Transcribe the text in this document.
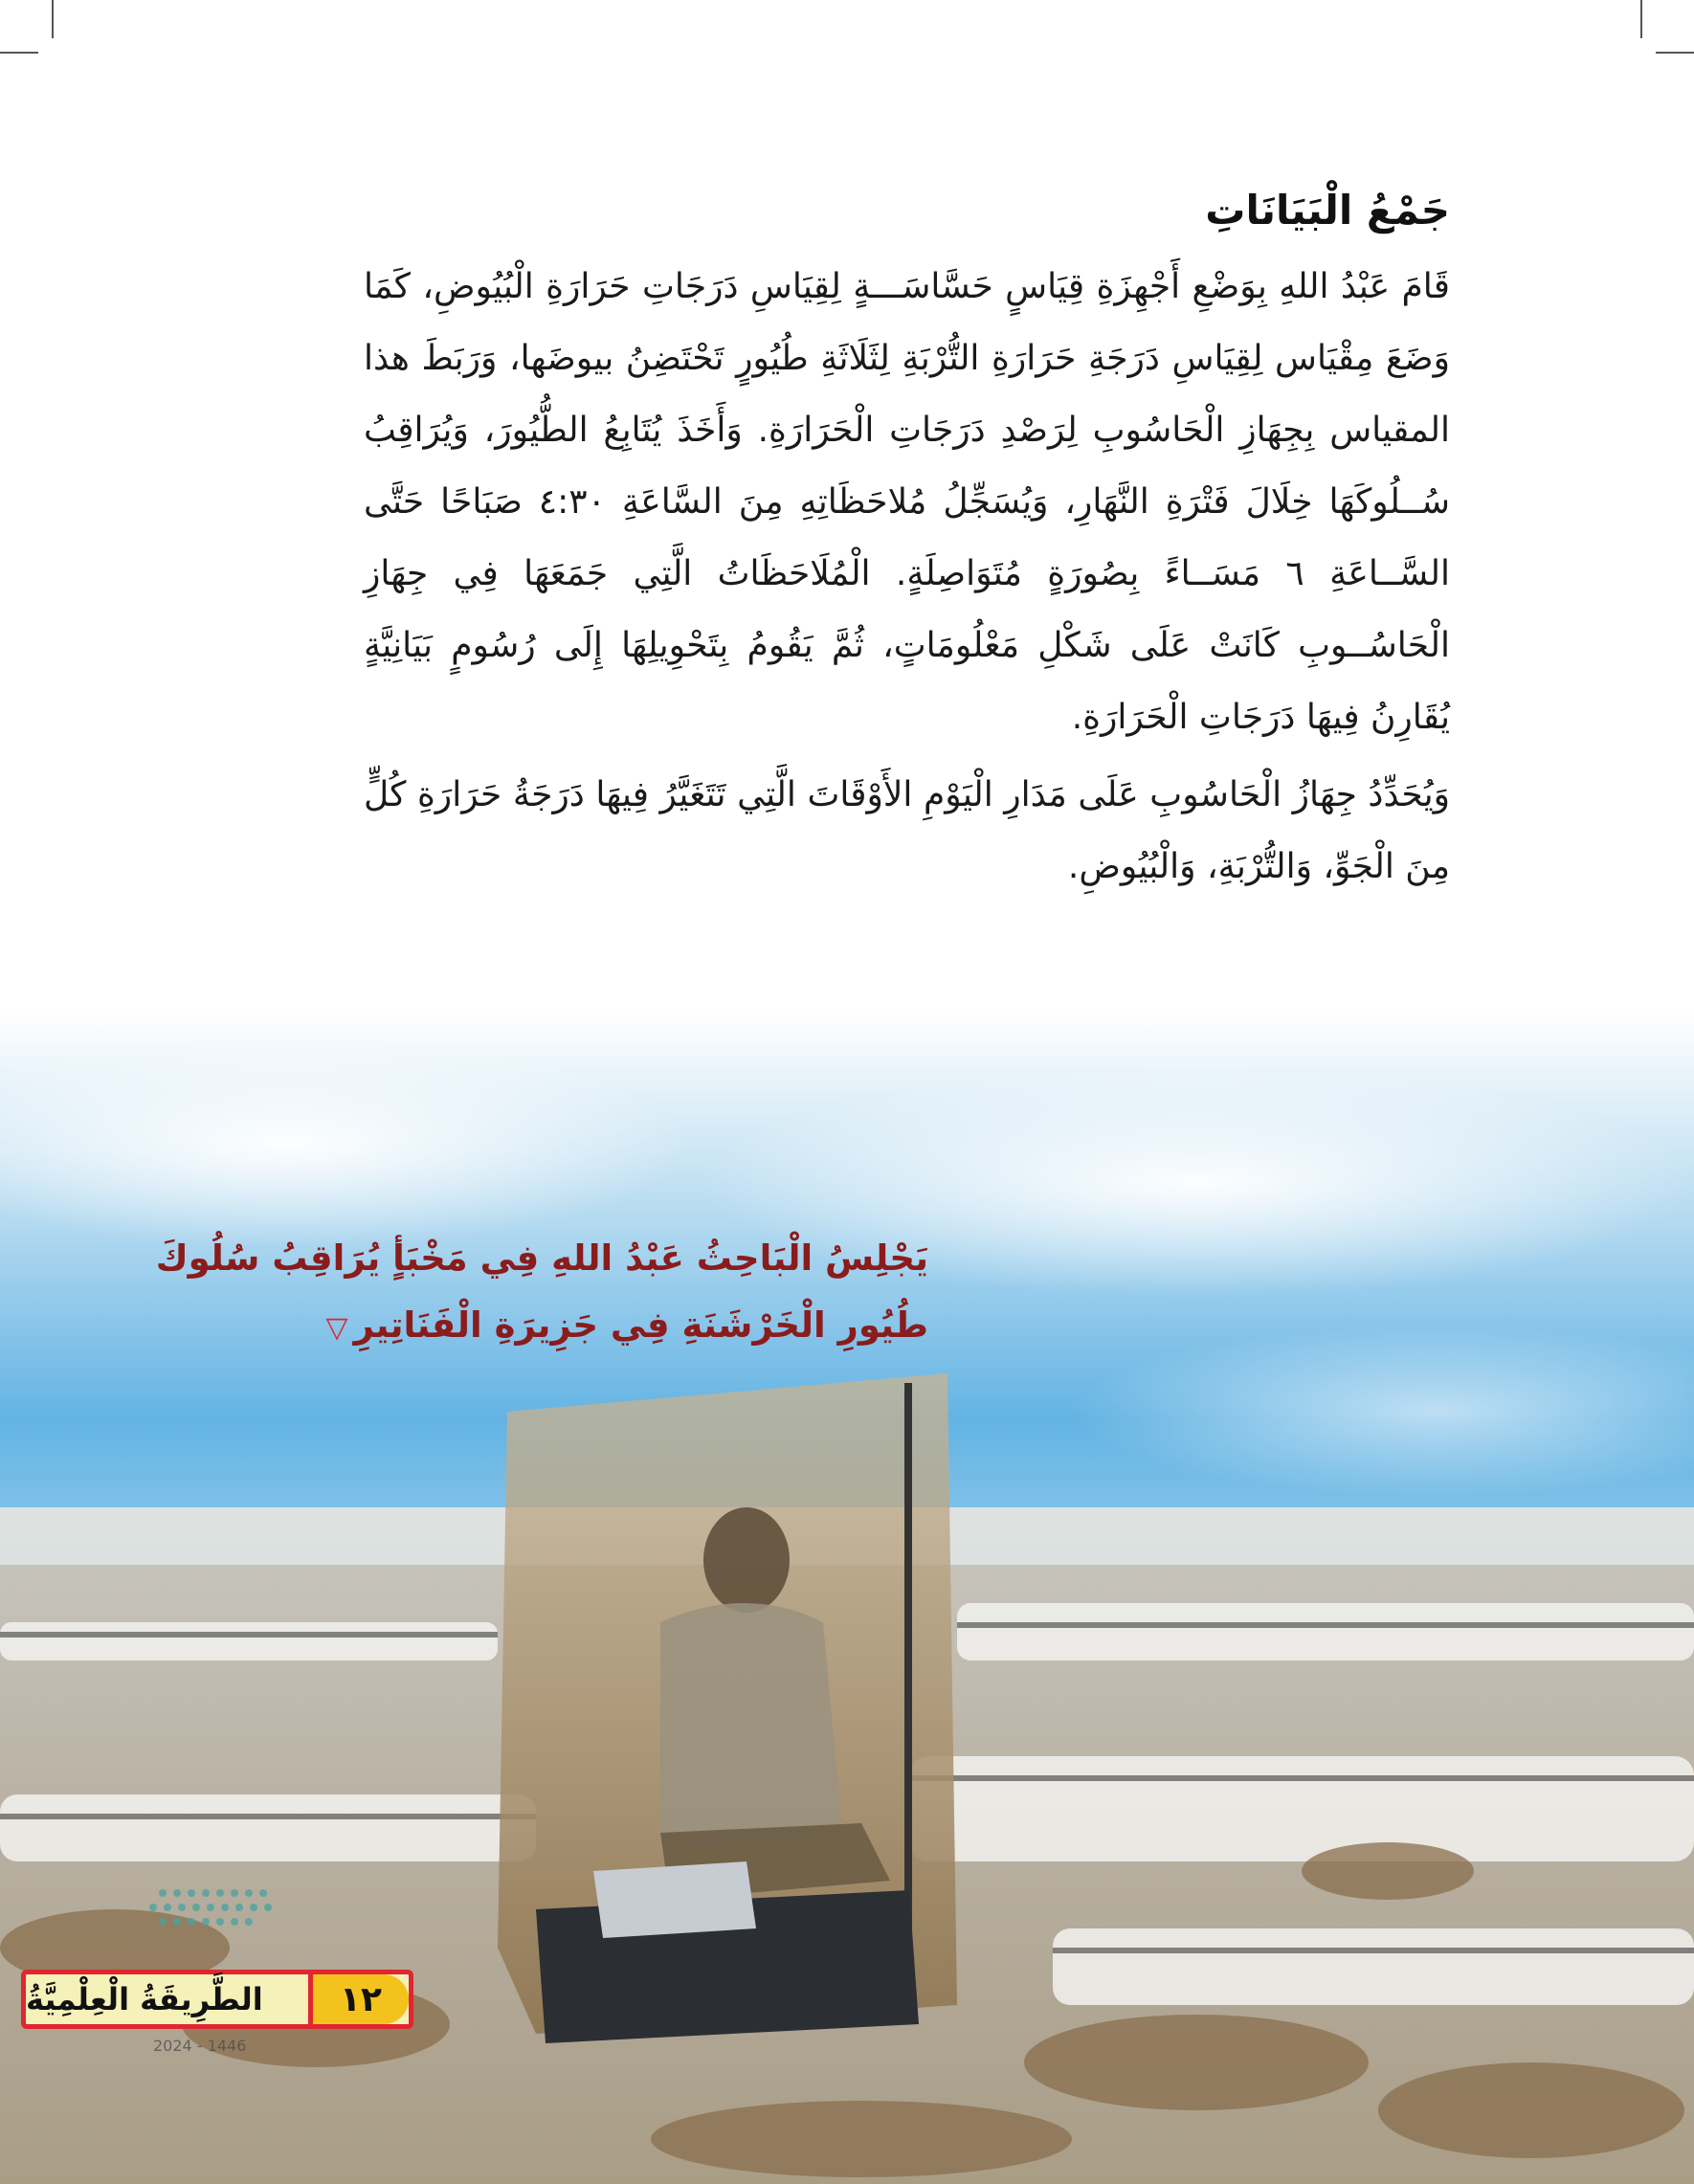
جَمْعُ الْبَيَانَاتِ

قَامَ عَبْدُ اللهِ بِوَضْعِ أَجْهِزَةِ قِيَاسٍ حَسَّاسَـــةٍ لِقِيَاسِ دَرَجَاتِ حَرَارَةِ الْبُيُوضِ، كَمَا وَضَعَ مِقْيَاس لِقِيَاسِ دَرَجَةِ حَرَارَةِ التُّرْبَةِ لِثَلَاثَةِ طُيُورٍ تَحْتَضِنُ بيوضَها، وَرَبَطَ هذا المقياس بِجِهَازِ الْحَاسُوبِ لِرَصْدِ دَرَجَاتِ الْحَرَارَةِ. وَأَخَذَ يُتَابِعُ الطُّيُورَ، وَيُرَاقِبُ سُــلُوكَهَا خِلَالَ فَتْرَةِ النَّهَارِ، وَيُسَجِّلُ مُلاحَظَاتِهِ مِنَ السَّاعَةِ ٤:٣٠ صَبَاحًا حَتَّى السَّــاعَةِ ٦ مَسَــاءً بِصُورَةٍ مُتَوَاصِلَةٍ. الْمُلَاحَظَاتُ الَّتِي جَمَعَهَا فِي جِهَازِ الْحَاسُــوبِ كَانَتْ عَلَى شَكْلِ مَعْلُومَاتٍ، ثُمَّ يَقُومُ بِتَحْوِيلِهَا إِلَى رُسُومٍ بَيَانِيَّةٍ يُقَارِنُ فِيهَا دَرَجَاتِ الْحَرَارَةِ.

وَيُحَدِّدُ جِهَازُ الْحَاسُوبِ عَلَى مَدَارِ الْيَوْمِ الأَوْقَاتَ الَّتِي تَتَغَيَّرُ فِيهَا دَرَجَةُ حَرَارَةِ كُلٍّ مِنَ الْجَوِّ، وَالتُّرْبَةِ، وَالْبُيُوضِ.

يَجْلِسُ الْبَاحِثُ عَبْدُ اللهِ فِي مَخْبَأٍ يُرَاقِبُ سُلُوكَ طُيُورِ الْخَرْشَنَةِ فِي جَزِيرَةِ الْفَنَاتِيرِ▽
2024 - 1446
الطَّرِيقَةُ الْعِلْمِيَّةُ	١٢
